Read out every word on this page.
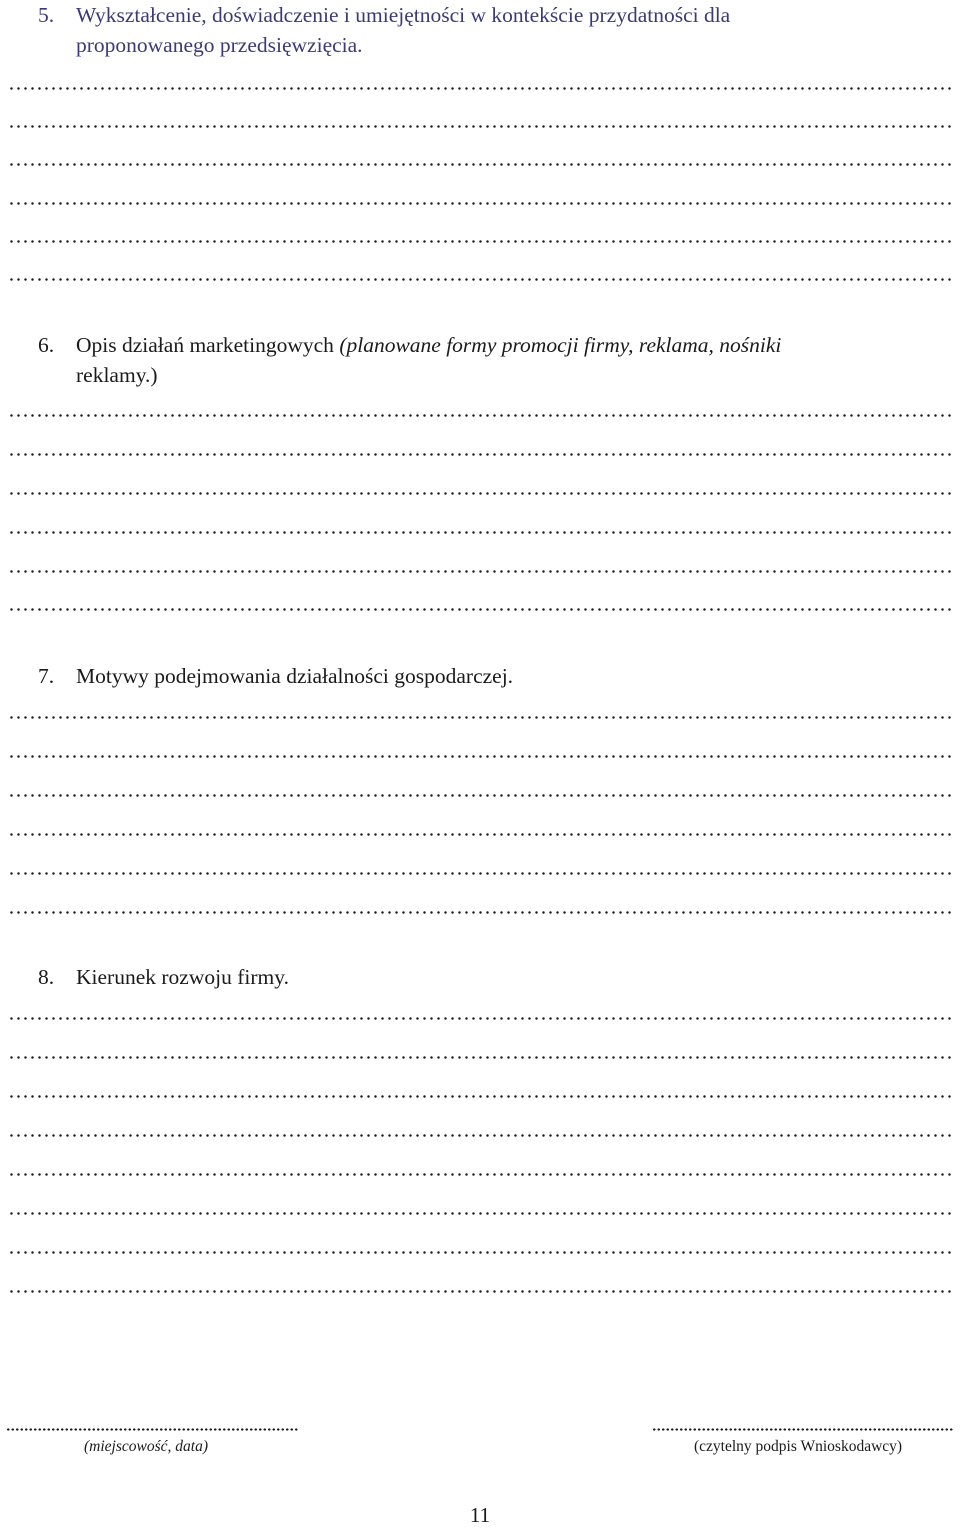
5. Wykształcenie, doświadczenie i umiejętności w kontekście przydatności dla
proponowanego przedsięwzięcia.
6. Opis działań marketingowych (planowane formy promocji firmy, reklama, nośniki
reklamy.)
7. Motywy podejmowania działalności gospodarczej.
8. Kierunek rozwoju firmy.
(miejscowość, data)	(czytelny podpis Wnioskodawcy)
11
